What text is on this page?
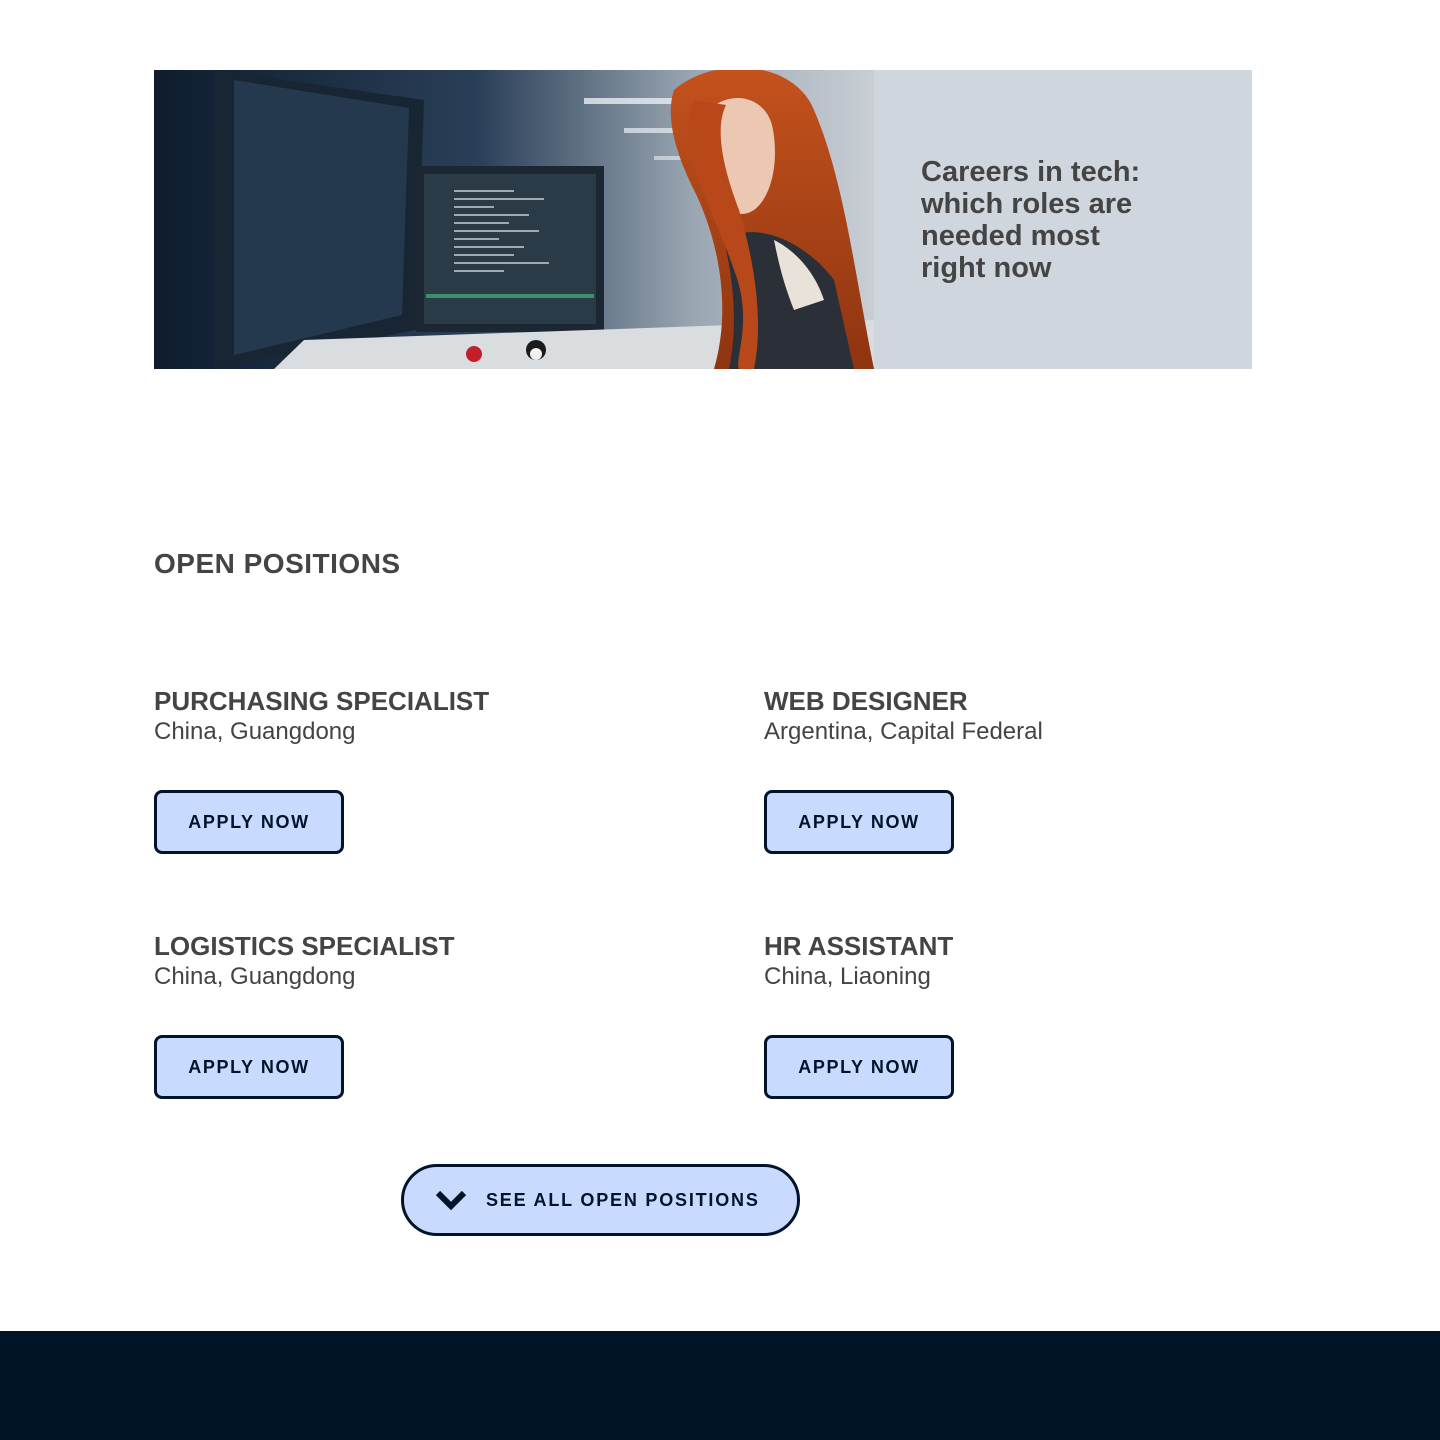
Careers in tech: which roles are needed most right now

OPEN POSITIONS
PURCHASING SPECIALIST

China, Guangdong

APPLY NOW
WEB DESIGNER

Argentina, Capital Federal

APPLY NOW
LOGISTICS SPECIALIST

China, Guangdong

APPLY NOW
HR ASSISTANT

China, Liaoning

APPLY NOW
SEE ALL OPEN POSITIONS
